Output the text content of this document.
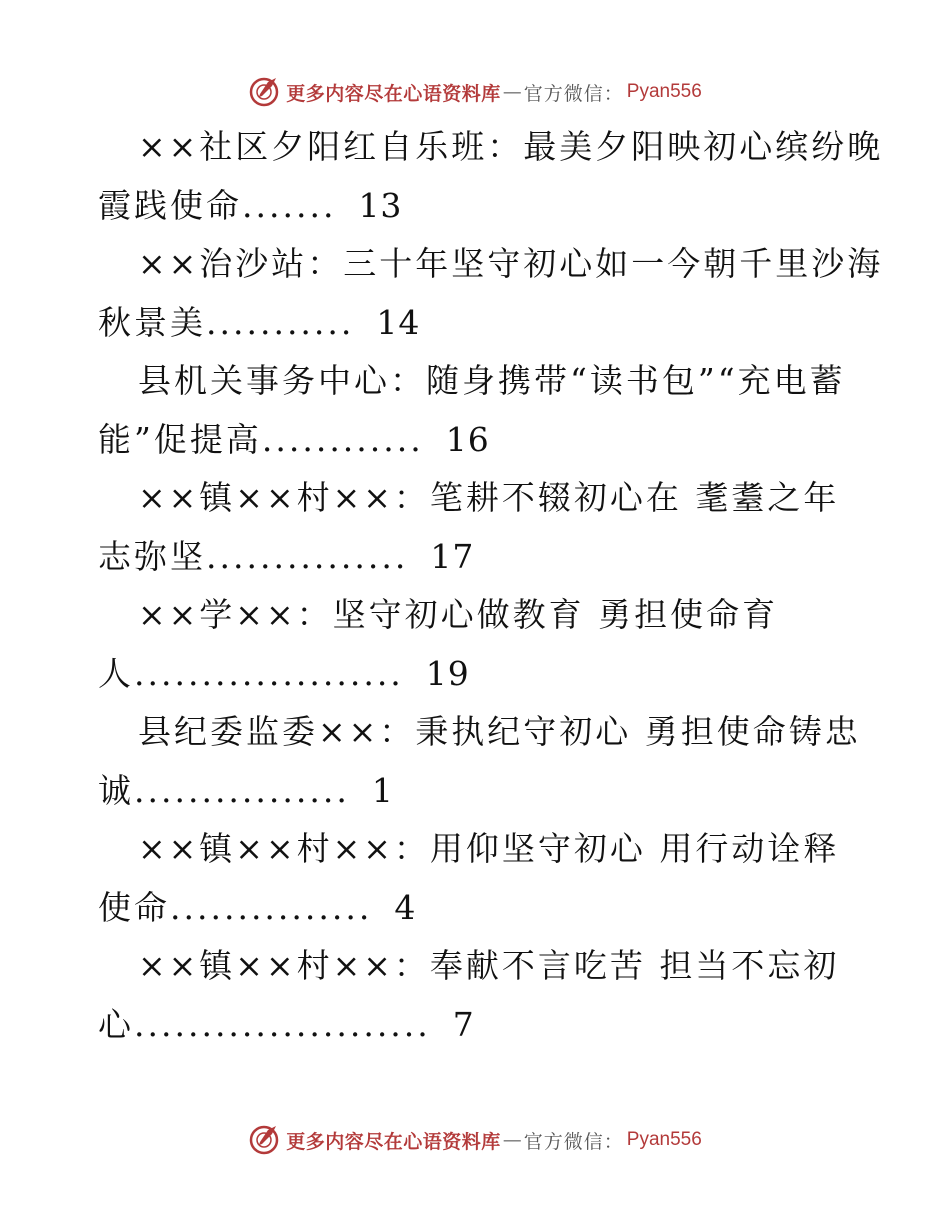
更多内容尽在心语资料库 — 官方微信 ： Pyan556
××社区夕阳红自乐班：最美夕阳映初心缤纷晚
霞践使命....... 13
××治沙站：三十年坚守初心如一今朝千里沙海
秋景美........... 14
县机关事务中心：随身携带“读书包”“充电蓄
能”促提高............ 16
××镇××村××：笔耕不辍初心在 耄耋之年
志弥坚............... 17
××学××：坚守初心做教育 勇担使命育
人.................... 19
县纪委监委××：秉执纪守初心 勇担使命铸忠
诚................ 1
××镇××村××：用仰坚守初心 用行动诠释
使命............... 4
××镇××村××：奉献不言吃苦 担当不忘初
心...................... 7
更多内容尽在心语资料库 — 官方微信 ： Pyan556
